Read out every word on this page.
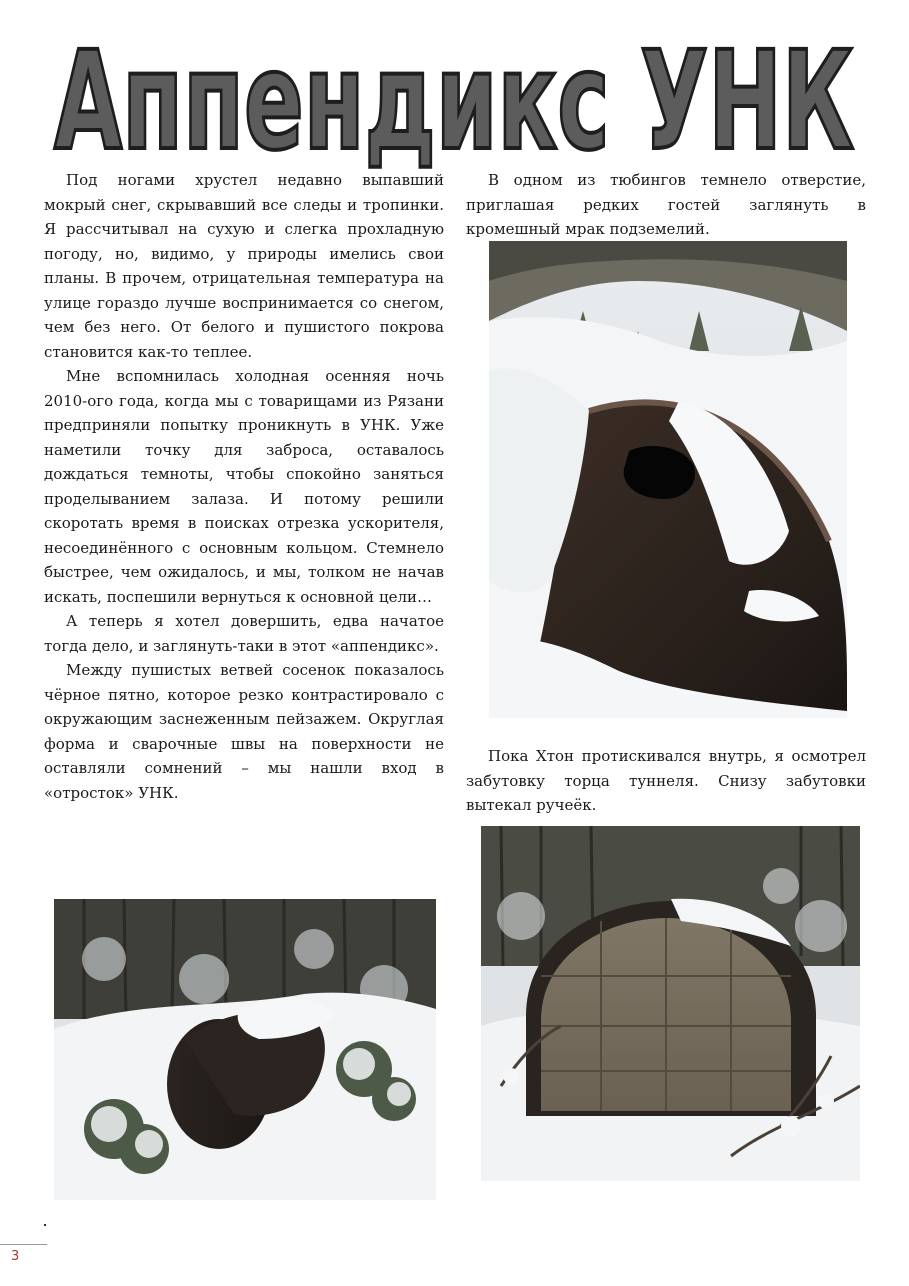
Аппендикс УНК

Под ногами хрустел недавно выпавший мокрый снег, скрывавший все следы и тропинки. Я рассчитывал на сухую и слегка прохладную погоду, но, видимо, у природы имелись свои планы. В прочем, отрицательная температура на улице гораздо лучше воспринимается со снегом, чем без него. От белого и пушистого покрова становится как-то теплее.

Мне вспомнилась холодная осенняя ночь 2010-ого года, когда мы с товарищами из Рязани предприняли попытку проникнуть в УНК. Уже наметили точку для заброса, оставалось дождаться темноты, чтобы спокойно заняться проделыванием залаза. И потому решили скоротать время в поисках отрезка ускорителя, несоединённого с основным кольцом. Стемнело быстрее, чем ожидалось, и мы, толком не начав искать, поспешили вернуться к основной цели…

А теперь я хотел довершить, едва начатое тогда дело, и заглянуть-таки в этот «аппендикс».

Между пушистых ветвей сосенок показалось чёрное пятно, которое резко контрастировало с окружающим заснеженным пейзажем. Округлая форма и сварочные швы на поверхности не оставляли сомнений – мы нашли вход в «отросток» УНК.

В одном из тюбингов темнело отверстие, приглашая редких гостей заглянуть в кромешный мрак подземелий.

Пока Хтон протискивался внутрь, я осмотрел забутовку торца туннеля. Снизу забутовки вытекал ручеёк.

3
